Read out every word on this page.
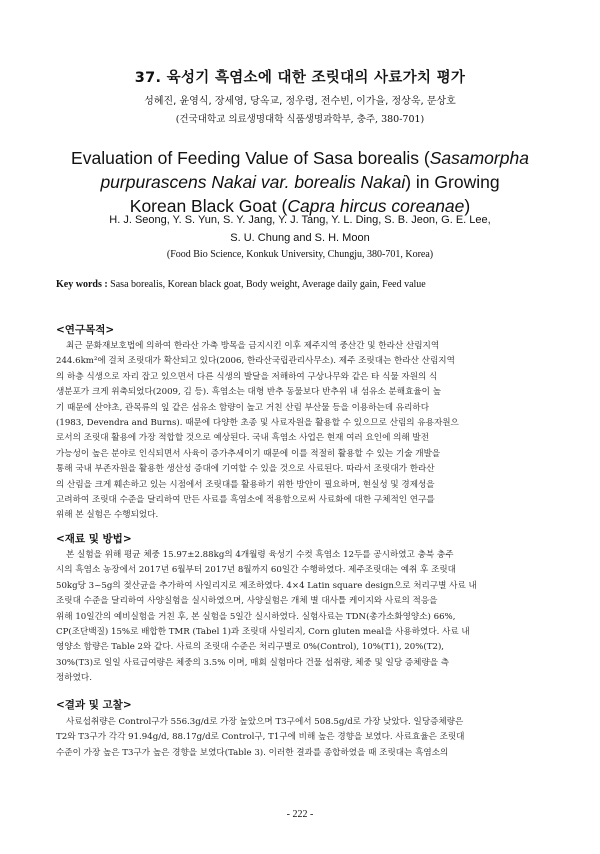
37. 육성기 흑염소에 대한 조릿대의 사료가치 평가
성혜진, 윤영식, 장세영, 당옥교, 정우령, 전수빈, 이가을, 정상욱, 문상호
(건국대학교 의료생명대학 식품생명과학부, 충주, 380-701)
Evaluation of Feeding Value of Sasa borealis (Sasamorpha
purpurascens Nakai var. borealis Nakai) in Growing
Korean Black Goat (Capra hircus coreanae)
H. J. Seong, Y. S. Yun, S. Y. Jang, Y. J. Tang, Y. L. Ding, S. B. Jeon, G. E. Lee,
S. U. Chung and S. H. Moon
(Food Bio Science, Konkuk University, Chungju, 380-701, Korea)
Key words : Sasa borealis, Korean black goat, Body weight, Average daily gain, Feed value
<연구목적>
최근 문화재보호법에 의하여 한라산 가축 방목을 금지시킨 이후 제주지역 중산간 및 한라산 산림지역
244.6km²에 걸쳐 조릿대가 확산되고 있다(2006, 한라산국립관리사무소). 제주 조릿대는 한라산 산림지역
의 하층 식생으로 자리 잡고 있으면서 다른 식생의 발달을 저해하여 구상나무와 같은 타 식물 자원의 식
생분포가 크게 위축되었다(2009, 김 등). 흑염소는 대형 반추 동물보다 반추위 내 섬유소 분해효율이 높
기 때문에 산야초, 관목류의 잎 같은 섬유소 함량이 높고 거친 산림 부산물 등을 이용하는데 유리하다
(1983, Devendra and Burns). 때문에 다양한 초종 및 사료자원을 활용할 수 있으므로 산림의 유용자원으
로서의 조릿대 활용에 가장 적합할 것으로 예상된다. 국내 흑염소 사업은 현재 여러 요인에 의해 발전
가능성이 높은 분야로 인식되면서 사육이 증가추세이기 때문에 이를 적절히 활용할 수 있는 기술 개발을
통해 국내 부존자원을 활용한 생산성 증대에 기여할 수 있을 것으로 사료된다. 따라서 조릿대가 한라산
의 산림을 크게 훼손하고 있는 시점에서 조릿대를 활용하기 위한 방안이 필요하며, 현실성 및 경제성을
고려하여 조릿대 수준을 달리하여 만든 사료를 흑염소에 적용함으로써 사료화에 대한 구체적인 연구를
위해 본 실험은 수행되었다.
<재료 및 방법>
본 실험을 위해 평균 체중 15.97±2.88kg의 4개월령 육성기 수컷 흑염소 12두를 공시하였고 충북 충주
시의 흑염소 농장에서 2017년 6월부터 2017년 8월까지 60일간 수행하였다. 제주조릿대는 예취 후 조릿대
50kg당 3~5g의 젖산균을 추가하여 사일리지로 제조하였다. 4×4 Latin square design으로 처리구별 사료 내
조릿대 수준을 달리하여 사양실험을 실시하였으며, 사양실험은 개체 별 대사틀 케이지와 사료의 적응을
위해 10일간의 예비실험을 거친 후, 본 실험을 5일간 실시하였다. 실험사료는 TDN(총가소화영양소) 66%,
CP(조단백질) 15%로 배합한 TMR (Tabel 1)과 조릿대 사일리지, Corn gluten meal을 사용하였다. 사료 내
영양소 함량은 Table 2와 같다. 사료의 조릿대 수준은 처리구별로 0%(Control), 10%(T1), 20%(T2),
30%(T3)로 일일 사료급여량은 체중의 3.5% 이며, 매회 실험마다 건물 섭취량, 체중 및 일당 증체량을 측
정하였다.
<결과 및 고찰>
사료섭취량은 Control구가 556.3g/d로 가장 높았으며 T3구에서 508.5g/d로 가장 낮았다. 일당증체량은
T2와 T3구가 각각 91.94g/d, 88.17g/d로 Control구, T1구에 비해 높은 경향을 보였다. 사료효율은 조릿대
수준이 가장 높은 T3구가 높은 경향을 보였다(Table 3). 이러한 결과를 종합하였을 때 조릿대는 흑염소의
- 222 -
